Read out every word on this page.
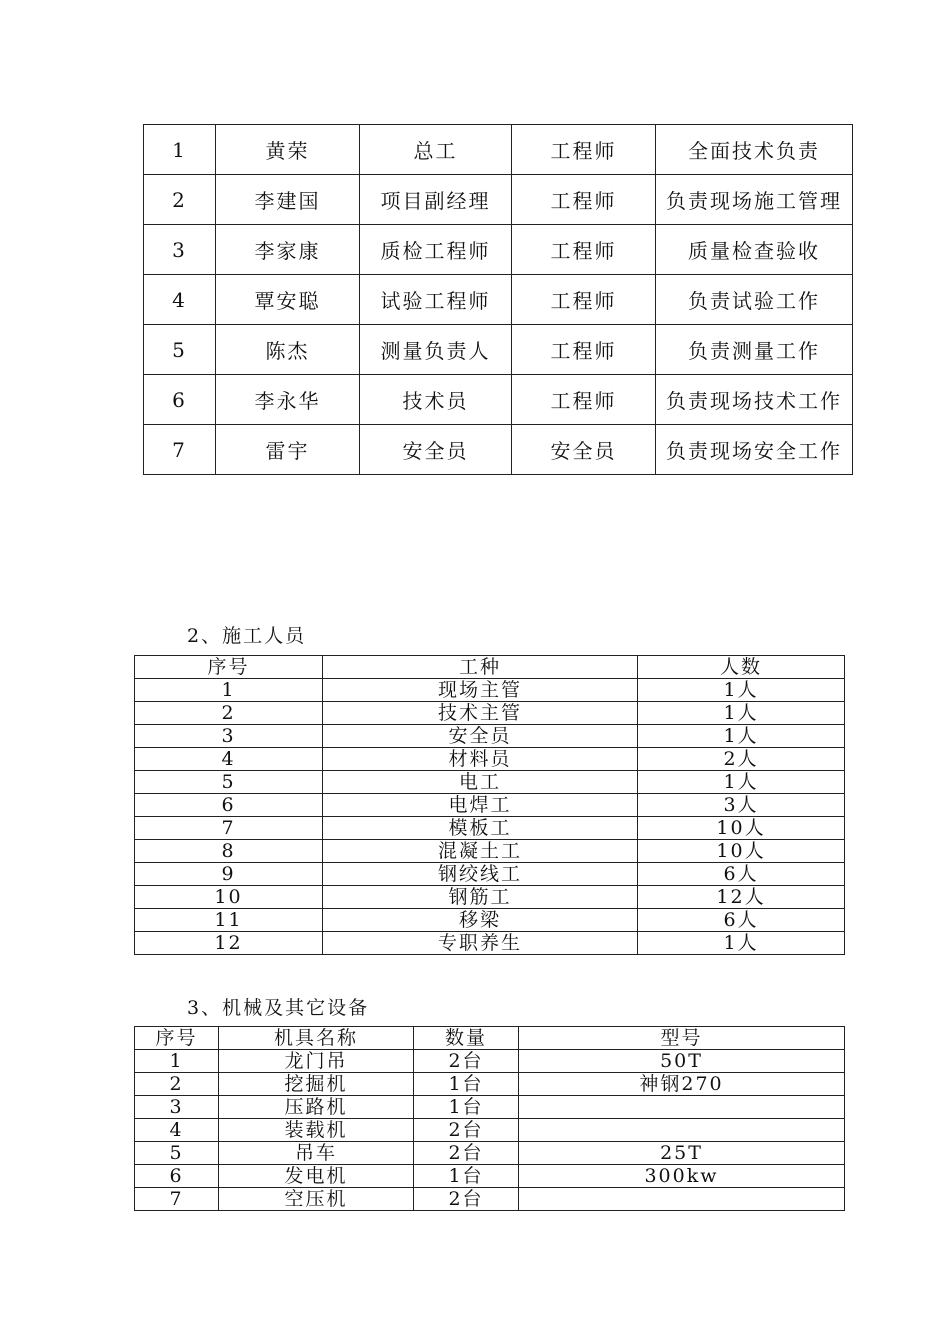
1	黄荣	总工	工程师	全面技术负责
2	李建国	项目副经理	工程师	负责现场施工管理
3	李家康	质检工程师	工程师	质量检查验收
4	覃安聪	试验工程师	工程师	负责试验工作
5	陈杰	测量负责人	工程师	负责测量工作
6	李永华	技术员	工程师	负责现场技术工作
7	雷宇	安全员	安全员	负责现场安全工作
2、施工人员
序号	工种	人数
1	现场主管	1人
2	技术主管	1人
3	安全员	1人
4	材料员	2人
5	电工	1人
6	电焊工	3人
7	模板工	10人
8	混凝土工	10人
9	钢绞线工	6人
10	钢筋工	12人
11	移梁	6人
12	专职养生	1人
3、机械及其它设备
序号	机具名称	数量	型号
1	龙门吊	2台	50T
2	挖掘机	1台	神钢270
3	压路机	1台	
4	装载机	2台	
5	吊车	2台	25T
6	发电机	1台	300kw
7	空压机	2台	
